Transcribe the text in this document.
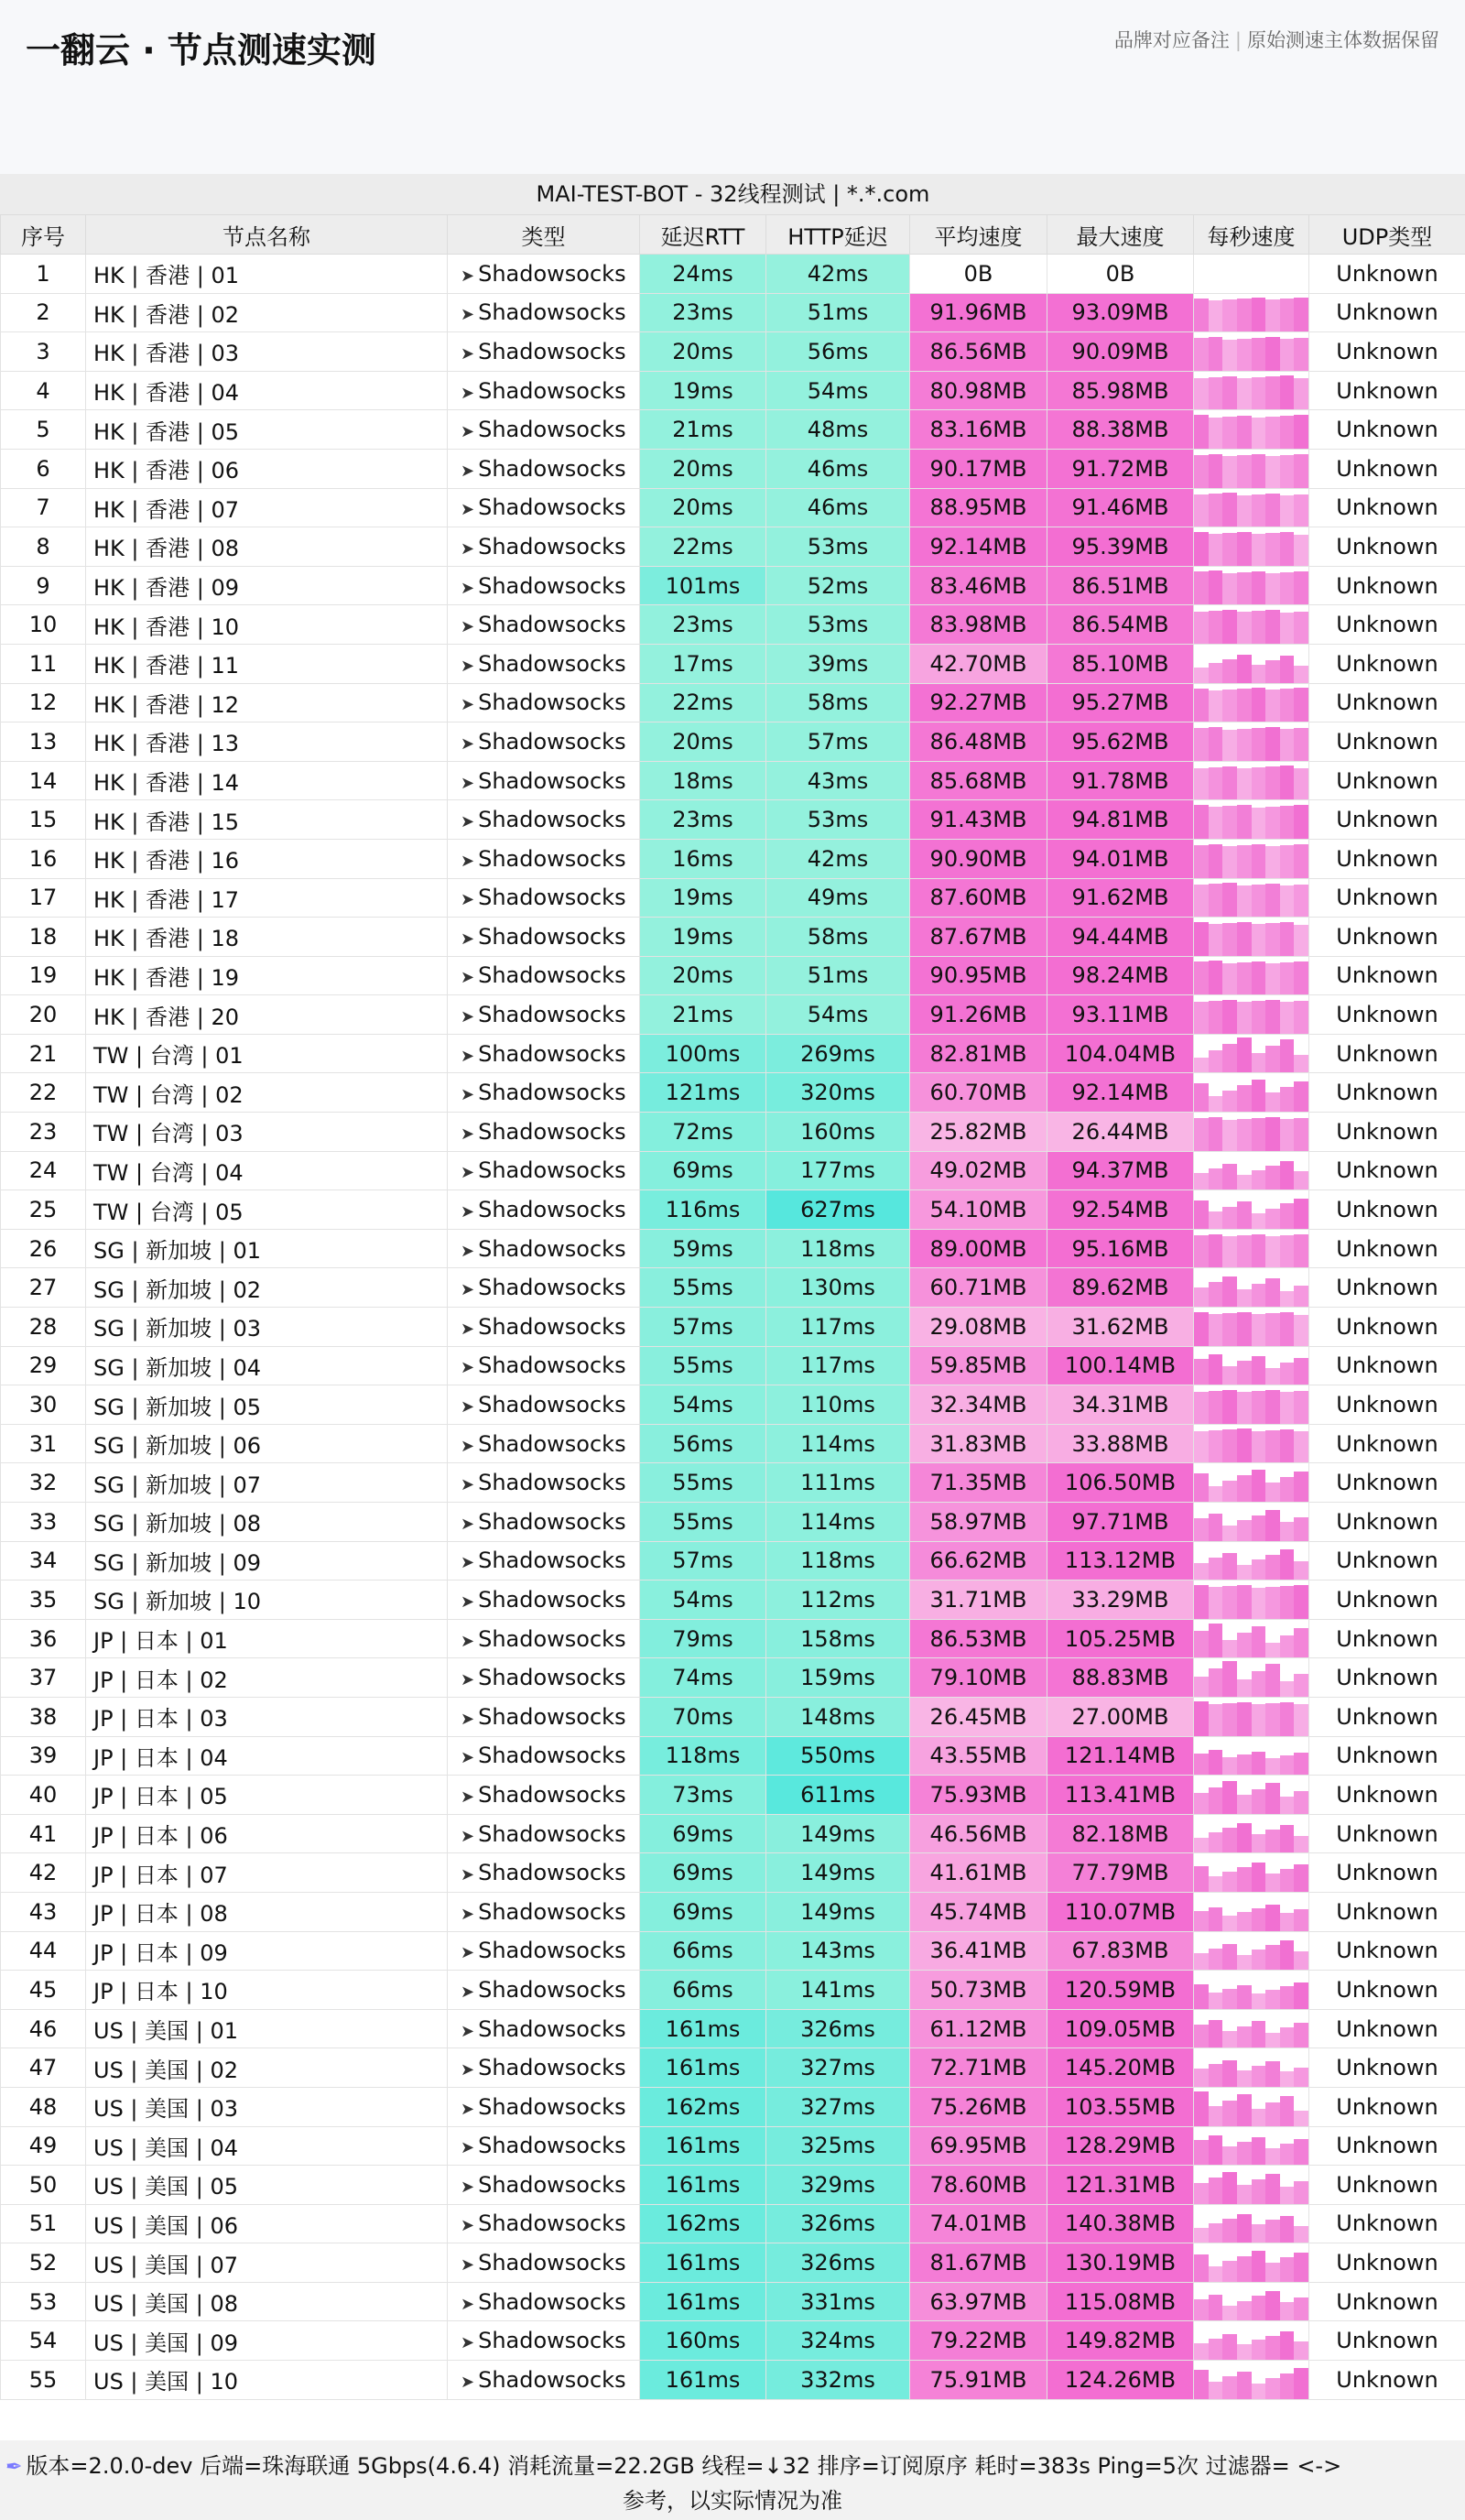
一翻云 · 节点测速实测	品牌对应备注 | 原始测速主体数据保留
MAI-TEST-BOT - 32线程测试 | *.*.com
序号	节点名称	类型	延迟RTT	HTTP延迟	平均速度	最大速度	每秒速度	UDP类型
1	HK | 香港 | 01	➤ Shadowsocks	24ms	42ms	0B	0B		Unknown
2	HK | 香港 | 02	➤ Shadowsocks	23ms	51ms	91.96MB	93.09MB		Unknown
3	HK | 香港 | 03	➤ Shadowsocks	20ms	56ms	86.56MB	90.09MB		Unknown
4	HK | 香港 | 04	➤ Shadowsocks	19ms	54ms	80.98MB	85.98MB		Unknown
5	HK | 香港 | 05	➤ Shadowsocks	21ms	48ms	83.16MB	88.38MB		Unknown
6	HK | 香港 | 06	➤ Shadowsocks	20ms	46ms	90.17MB	91.72MB		Unknown
7	HK | 香港 | 07	➤ Shadowsocks	20ms	46ms	88.95MB	91.46MB		Unknown
8	HK | 香港 | 08	➤ Shadowsocks	22ms	53ms	92.14MB	95.39MB		Unknown
9	HK | 香港 | 09	➤ Shadowsocks	101ms	52ms	83.46MB	86.51MB		Unknown
10	HK | 香港 | 10	➤ Shadowsocks	23ms	53ms	83.98MB	86.54MB		Unknown
11	HK | 香港 | 11	➤ Shadowsocks	17ms	39ms	42.70MB	85.10MB		Unknown
12	HK | 香港 | 12	➤ Shadowsocks	22ms	58ms	92.27MB	95.27MB		Unknown
13	HK | 香港 | 13	➤ Shadowsocks	20ms	57ms	86.48MB	95.62MB		Unknown
14	HK | 香港 | 14	➤ Shadowsocks	18ms	43ms	85.68MB	91.78MB		Unknown
15	HK | 香港 | 15	➤ Shadowsocks	23ms	53ms	91.43MB	94.81MB		Unknown
16	HK | 香港 | 16	➤ Shadowsocks	16ms	42ms	90.90MB	94.01MB		Unknown
17	HK | 香港 | 17	➤ Shadowsocks	19ms	49ms	87.60MB	91.62MB		Unknown
18	HK | 香港 | 18	➤ Shadowsocks	19ms	58ms	87.67MB	94.44MB		Unknown
19	HK | 香港 | 19	➤ Shadowsocks	20ms	51ms	90.95MB	98.24MB		Unknown
20	HK | 香港 | 20	➤ Shadowsocks	21ms	54ms	91.26MB	93.11MB		Unknown
21	TW | 台湾 | 01	➤ Shadowsocks	100ms	269ms	82.81MB	104.04MB		Unknown
22	TW | 台湾 | 02	➤ Shadowsocks	121ms	320ms	60.70MB	92.14MB		Unknown
23	TW | 台湾 | 03	➤ Shadowsocks	72ms	160ms	25.82MB	26.44MB		Unknown
24	TW | 台湾 | 04	➤ Shadowsocks	69ms	177ms	49.02MB	94.37MB		Unknown
25	TW | 台湾 | 05	➤ Shadowsocks	116ms	627ms	54.10MB	92.54MB		Unknown
26	SG | 新加坡 | 01	➤ Shadowsocks	59ms	118ms	89.00MB	95.16MB		Unknown
27	SG | 新加坡 | 02	➤ Shadowsocks	55ms	130ms	60.71MB	89.62MB		Unknown
28	SG | 新加坡 | 03	➤ Shadowsocks	57ms	117ms	29.08MB	31.62MB		Unknown
29	SG | 新加坡 | 04	➤ Shadowsocks	55ms	117ms	59.85MB	100.14MB		Unknown
30	SG | 新加坡 | 05	➤ Shadowsocks	54ms	110ms	32.34MB	34.31MB		Unknown
31	SG | 新加坡 | 06	➤ Shadowsocks	56ms	114ms	31.83MB	33.88MB		Unknown
32	SG | 新加坡 | 07	➤ Shadowsocks	55ms	111ms	71.35MB	106.50MB		Unknown
33	SG | 新加坡 | 08	➤ Shadowsocks	55ms	114ms	58.97MB	97.71MB		Unknown
34	SG | 新加坡 | 09	➤ Shadowsocks	57ms	118ms	66.62MB	113.12MB		Unknown
35	SG | 新加坡 | 10	➤ Shadowsocks	54ms	112ms	31.71MB	33.29MB		Unknown
36	JP | 日本 | 01	➤ Shadowsocks	79ms	158ms	86.53MB	105.25MB		Unknown
37	JP | 日本 | 02	➤ Shadowsocks	74ms	159ms	79.10MB	88.83MB		Unknown
38	JP | 日本 | 03	➤ Shadowsocks	70ms	148ms	26.45MB	27.00MB		Unknown
39	JP | 日本 | 04	➤ Shadowsocks	118ms	550ms	43.55MB	121.14MB		Unknown
40	JP | 日本 | 05	➤ Shadowsocks	73ms	611ms	75.93MB	113.41MB		Unknown
41	JP | 日本 | 06	➤ Shadowsocks	69ms	149ms	46.56MB	82.18MB		Unknown
42	JP | 日本 | 07	➤ Shadowsocks	69ms	149ms	41.61MB	77.79MB		Unknown
43	JP | 日本 | 08	➤ Shadowsocks	69ms	149ms	45.74MB	110.07MB		Unknown
44	JP | 日本 | 09	➤ Shadowsocks	66ms	143ms	36.41MB	67.83MB		Unknown
45	JP | 日本 | 10	➤ Shadowsocks	66ms	141ms	50.73MB	120.59MB		Unknown
46	US | 美国 | 01	➤ Shadowsocks	161ms	326ms	61.12MB	109.05MB		Unknown
47	US | 美国 | 02	➤ Shadowsocks	161ms	327ms	72.71MB	145.20MB		Unknown
48	US | 美国 | 03	➤ Shadowsocks	162ms	327ms	75.26MB	103.55MB		Unknown
49	US | 美国 | 04	➤ Shadowsocks	161ms	325ms	69.95MB	128.29MB		Unknown
50	US | 美国 | 05	➤ Shadowsocks	161ms	329ms	78.60MB	121.31MB		Unknown
51	US | 美国 | 06	➤ Shadowsocks	162ms	326ms	74.01MB	140.38MB		Unknown
52	US | 美国 | 07	➤ Shadowsocks	161ms	326ms	81.67MB	130.19MB		Unknown
53	US | 美国 | 08	➤ Shadowsocks	161ms	331ms	63.97MB	115.08MB		Unknown
54	US | 美国 | 09	➤ Shadowsocks	160ms	324ms	79.22MB	149.82MB		Unknown
55	US | 美国 | 10	➤ Shadowsocks	161ms	332ms	75.91MB	124.26MB		Unknown
✒ 版本=2.0.0-dev 后端=珠海联通 5Gbps(4.6.4) 消耗流量=22.2GB 线程=↓32 排序=订阅原序 耗时=383s Ping=5次 过滤器= <->
参考，以实际情况为准
